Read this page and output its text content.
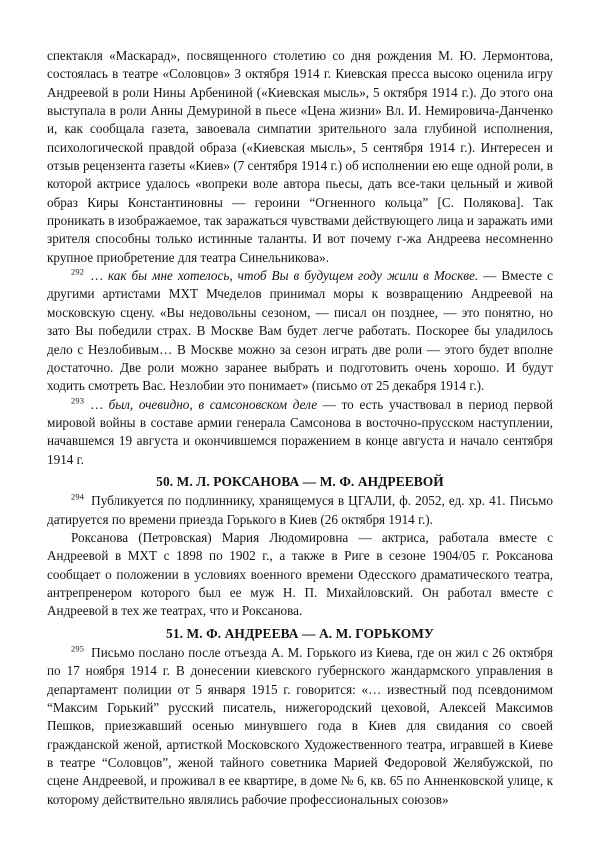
спектакля «Маскарад», посвященного столетию со дня рождения М. Ю. Лермонтова, состоялась в театре «Соловцов» 3 октября 1914 г. Киевская пресса высоко оценила игру Андреевой в роли Нины Арбениной («Киевская мысль», 5 октября 1914 г.). До этого она выступала в роли Анны Демуриной в пьесе «Цена жизни» Вл. И. Немировича-Данченко и, как сообщала газета, завоевала симпатии зрительного зала глубиной исполнения, психологической правдой образа («Киевская мысль», 5 сентября 1914 г.). Интересен и отзыв рецензента газеты «Киев» (7 сентября 1914 г.) об исполнении ею еще одной роли, в которой актрисе удалось «вопреки воле автора пьесы, дать все-таки цельный и живой образ Киры Константиновны — героини “Огненного кольца” [С. Полякова]. Так проникать в изображаемое, так заражаться чувствами действующего лица и заражать ими зрителя способны только истинные таланты. И вот почему г-жа Андреева несомненно крупное приобретение для театра Синельникова».

$^{292}$ … как бы мне хотелось, чтоб Вы в будущем году жили в Москве. — Вместе с другими артистами МХТ Мчеделов принимал моры к возвращению Андреевой на московскую сцену. «Вы недовольны сезоном, — писал он позднее, — это понятно, но зато Вы победили страх. В Москве Вам будет легче работать. Поскорее бы уладилось дело с Незлобивым… В Москве можно за сезон играть две роли — этого будет вполне достаточно. Две роли можно заранее выбрать и подготовить очень хорошо. И будут ходить смотреть Вас. Незлобии это понимает» (письмо от 25 декабря 1914 г.).

$^{293}$ … был, очевидно, в самсоновском деле — то есть участвовал в период первой мировой войны в составе армии генерала Самсонова в восточно-прусском наступлении, начавшемся 19 августа и окончившемся поражением в конце августа и начало сентября 1914 г.

50. М. Л. РОКСАНОВА — М. Ф. АНДРЕЕВОЙ

$^{294}$ Публикуется по подлиннику, хранящемуся в ЦГАЛИ, ф. 2052, ед. хр. 41. Письмо датируется по времени приезда Горького в Киев (26 октября 1914 г.).

Роксанова (Петровская) Мария Людомировна — актриса, работала вместе с Андреевой в МХТ с 1898 по 1902 г., а также в Риге в сезоне 1904/05 г. Роксанова сообщает о положении в условиях военного времени Одесского драматического театра, антрепренером которого был ее муж Н. П. Михайловский. Он работал вместе с Андреевой в тех же театрах, что и Роксанова.

51. М. Ф. АНДРЕЕВА — А. М. ГОРЬКОМУ

$^{295}$ Письмо послано после отъезда А. М. Горького из Киева, где он жил с 26 октября по 17 ноября 1914 г. В донесении киевского губернского жандармского управления в департамент полиции от 5 января 1915 г. говорится: «… известный под псевдонимом “Максим Горький” русский писатель, нижегородский цеховой, Алексей Максимов Пешков, приезжавший осенью минувшего года в Киев для свидания со своей гражданской женой, артисткой Московского Художественного театра, игравшей в Киеве в театре “Соловцов”, женой тайного советника Марией Федоровой Желябужской, по сцене Андреевой, и проживал в ее квартире, в доме № 6, кв. 65 по Анненковской улице, к которому действительно являлись рабочие профессиональных союзов»
